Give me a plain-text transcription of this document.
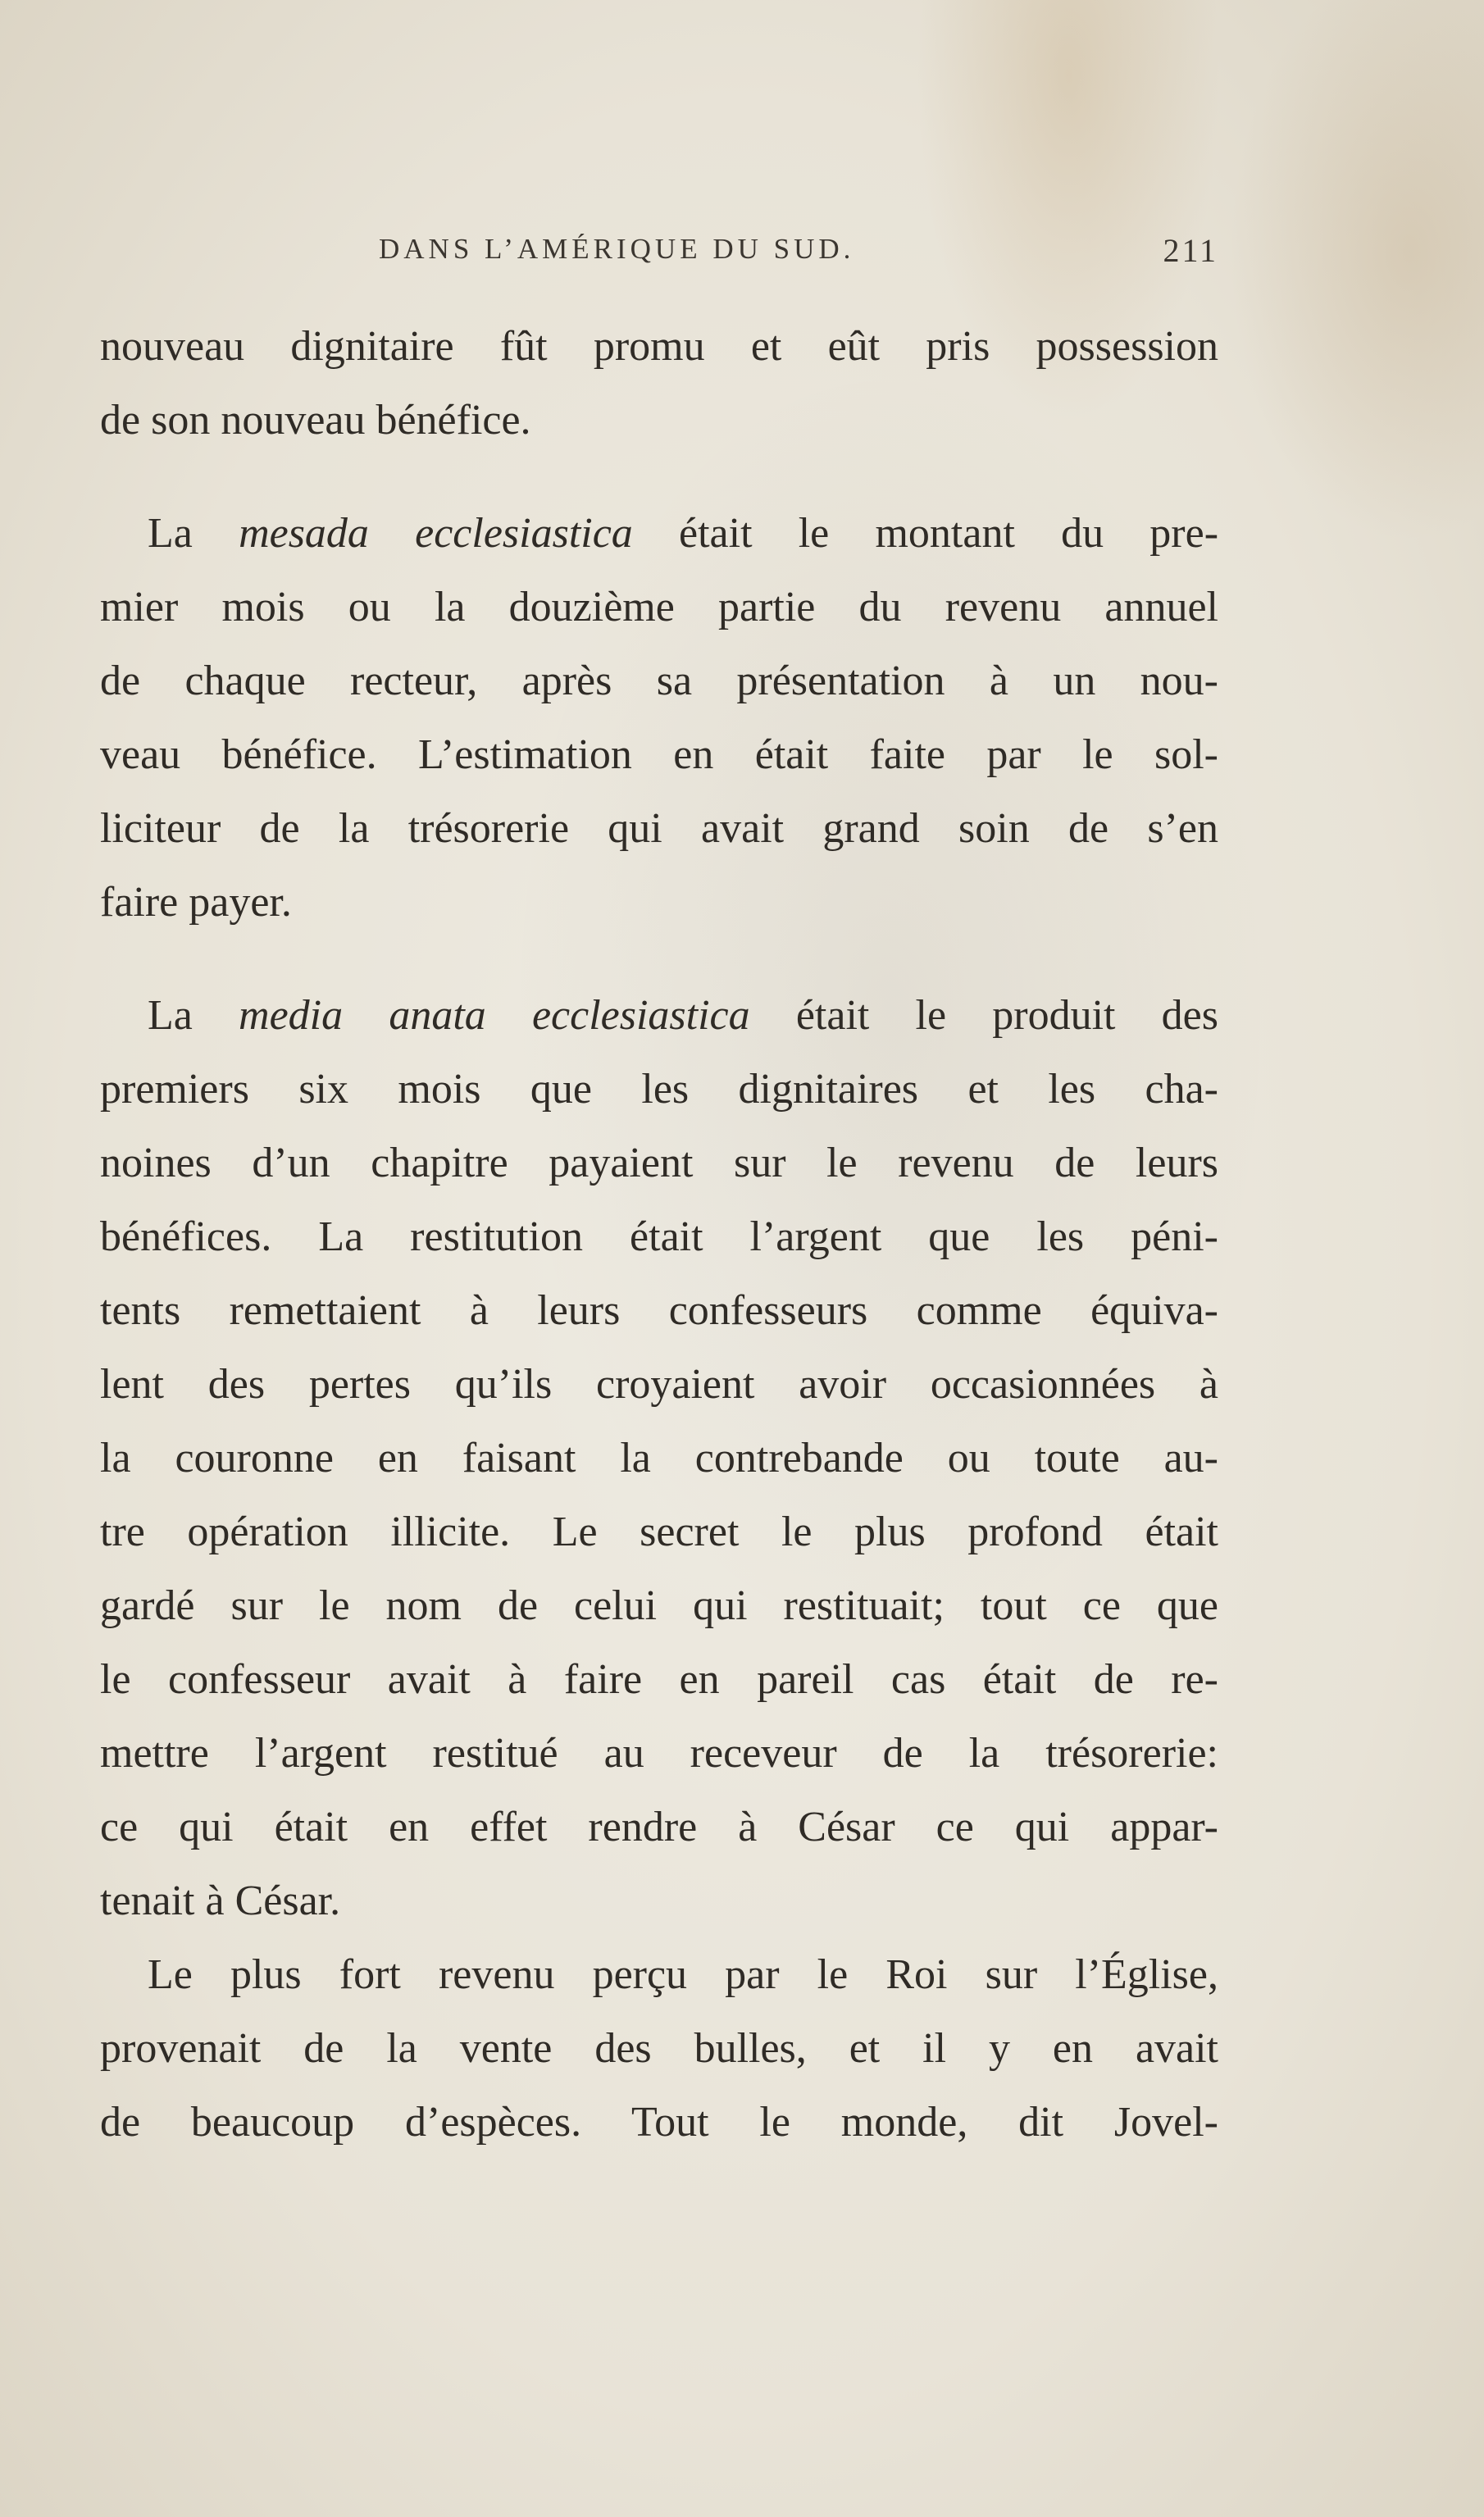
DANS L’AMÉRIQUE DU SUD.	211
nouveau dignitaire fût promu et eût pris possession
de son nouveau bénéfice.
La mesada ecclesiastica était le montant du pre-
mier mois ou la douzième partie du revenu annuel
de chaque recteur, après sa présentation à un nou-
veau bénéfice. L’estimation en était faite par le sol-
liciteur de la trésorerie qui avait grand soin de s’en
faire payer.
La media anata ecclesiastica était le produit des
premiers six mois que les dignitaires et les cha-
noines d’un chapitre payaient sur le revenu de leurs
bénéfices. La restitution était l’argent que les péni-
tents remettaient à leurs confesseurs comme équiva-
lent des pertes qu’ils croyaient avoir occasionnées à
la couronne en faisant la contrebande ou toute au-
tre opération illicite. Le secret le plus profond était
gardé sur le nom de celui qui restituait; tout ce que
le confesseur avait à faire en pareil cas était de re-
mettre l’argent restitué au receveur de la trésorerie:
ce qui était en effet rendre à César ce qui appar-
tenait à César.
Le plus fort revenu perçu par le Roi sur l’Église,
provenait de la vente des bulles, et il y en avait
de beaucoup d’espèces. Tout le monde, dit Jovel-
